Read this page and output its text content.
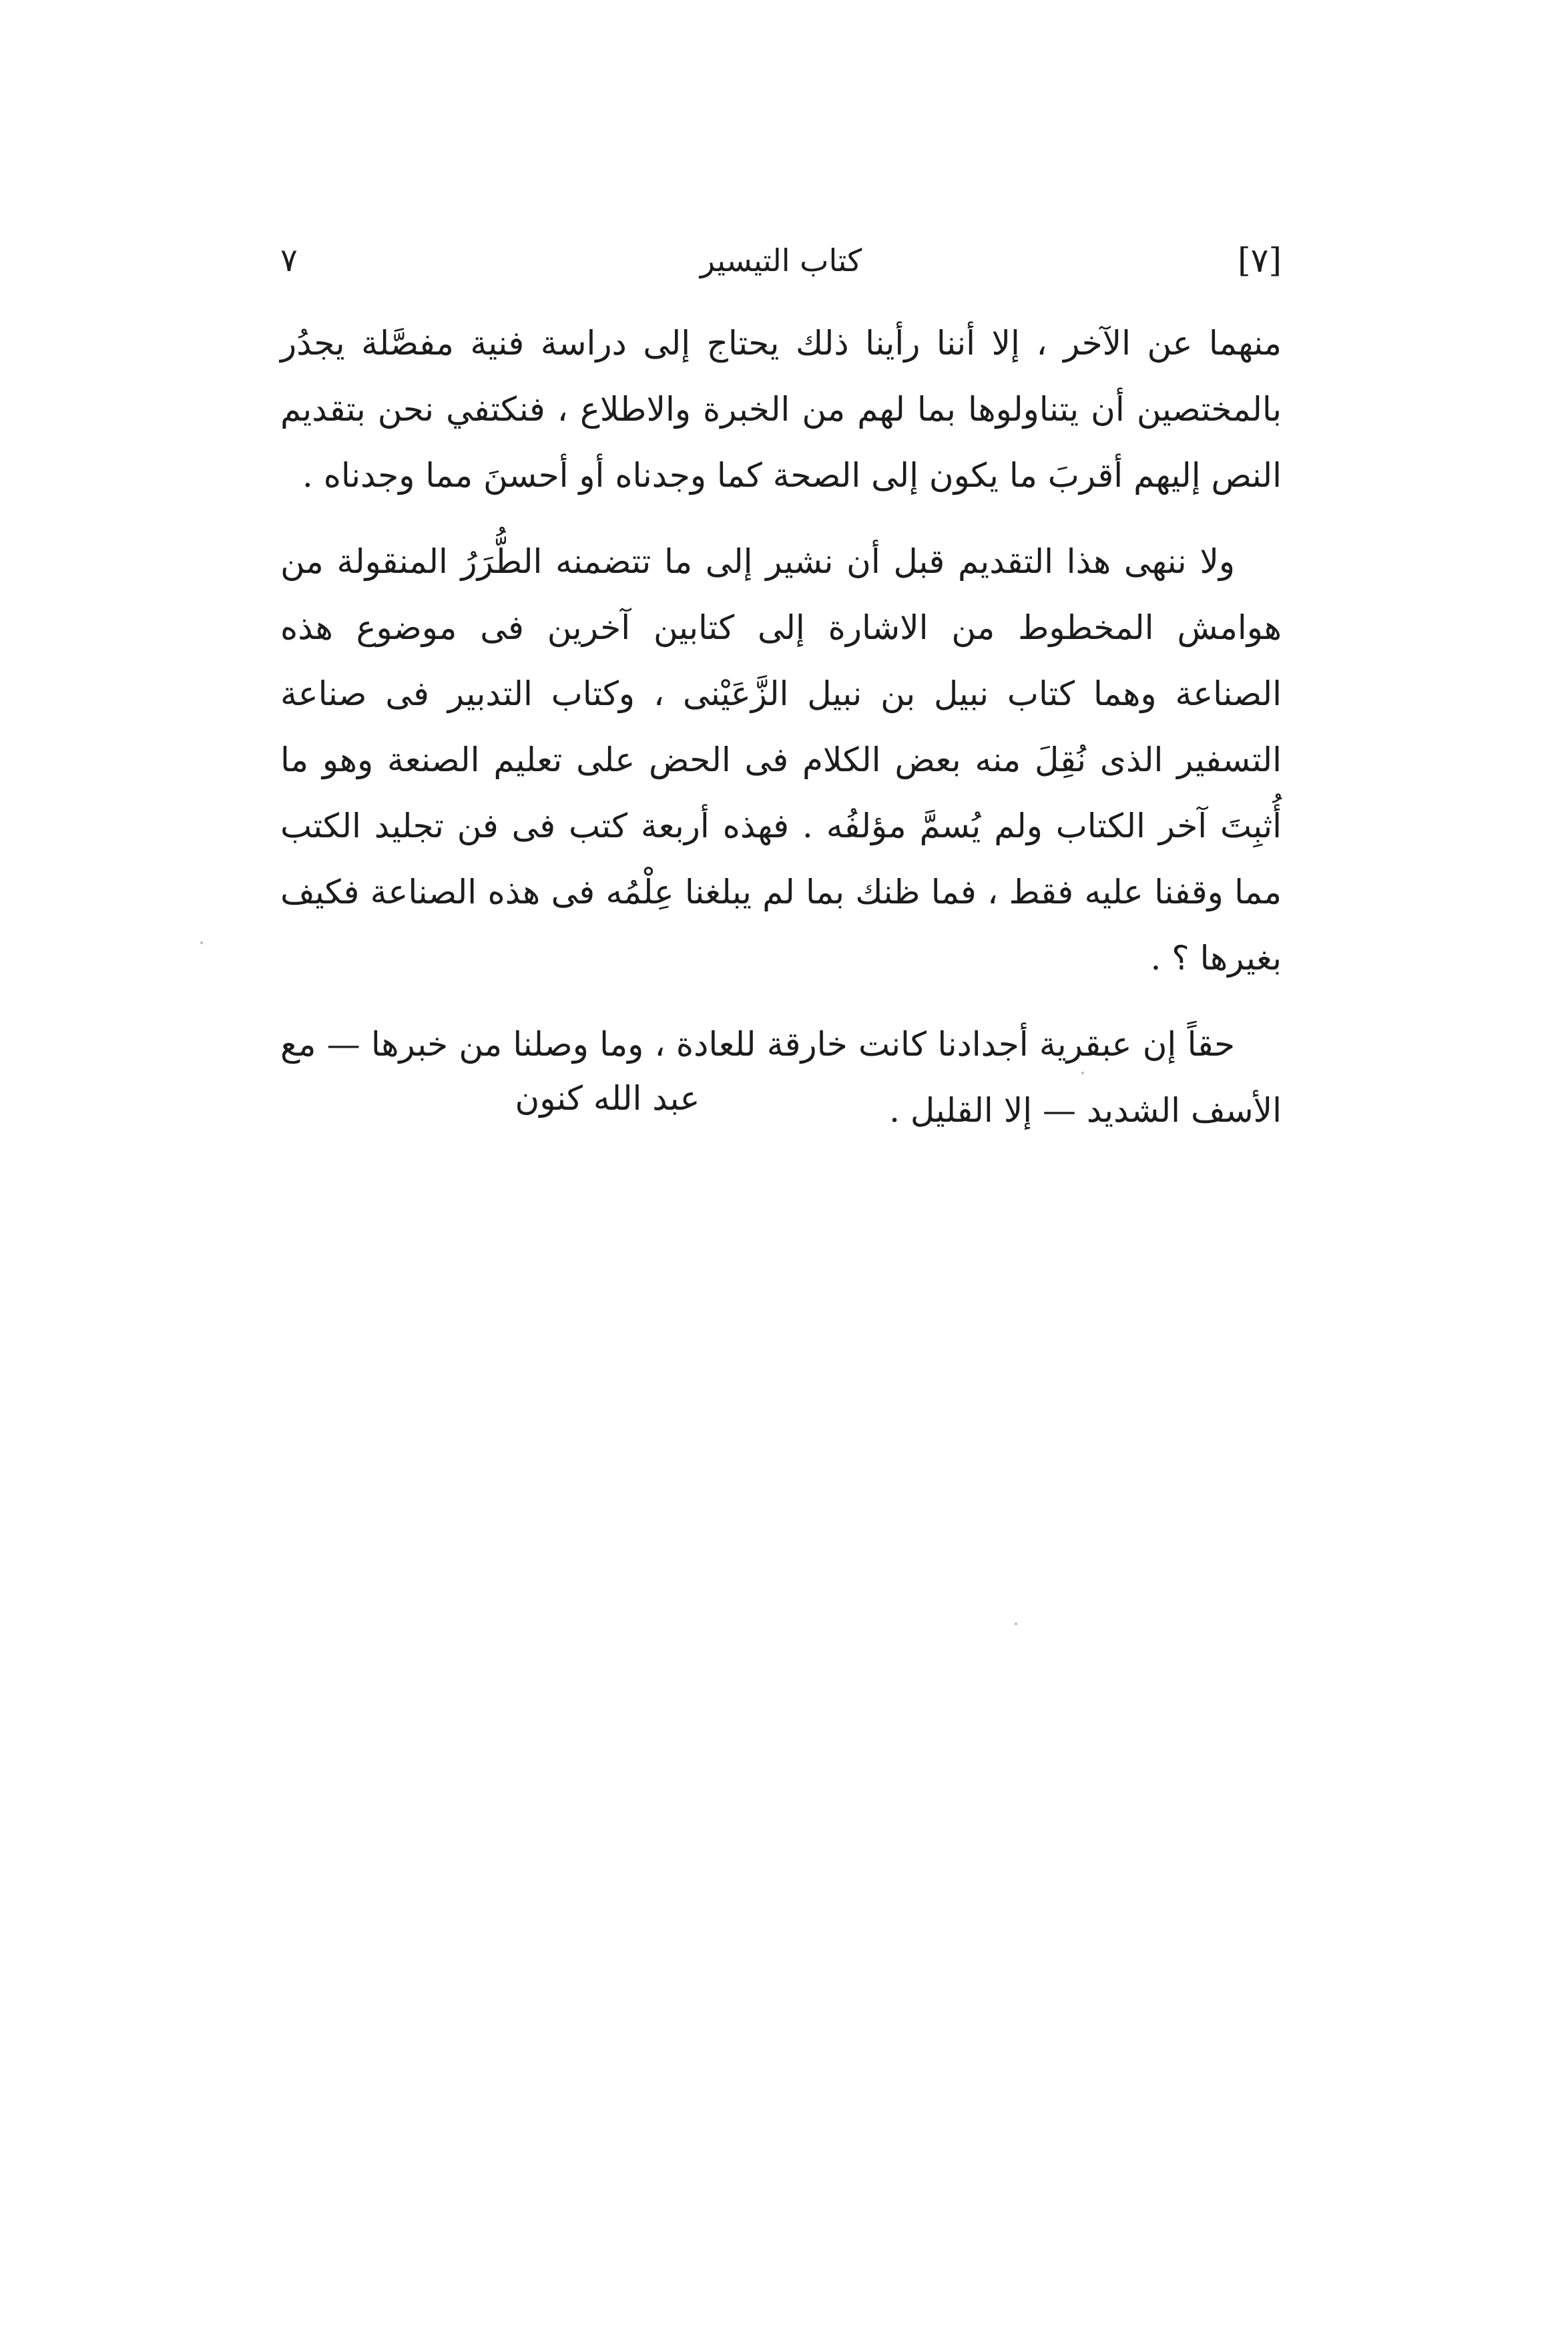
[٧]
كتاب التيسير
٧

منهما عن الآخر ، إلا أننا رأينا ذلك يحتاج إلى دراسة فنية مفصَّلة يجدُر بالمختصين أن يتناولوها بما لهم من الخبرة والاطلاع ، فنكتفي نحن بتقديم النص إليهم أقربَ ما يكون إلى الصحة كما وجدناه أو أحسنَ مما وجدناه .

ولا ننهى هذا التقديم قبل أن نشير إلى ما تتضمنه الطُّرَرُ المنقولة من هوامش المخطوط من الاشارة إلى كتابين آخرين فى موضوع هذه الصناعة وهما كتاب نبيل بن نبيل الزَّعَيْنى ، وكتاب التدبير فى صناعة التسفير الذى نُقِلَ منه بعض الكلام فى الحض على تعليم الصنعة وهو ما أُثبِتَ آخر الكتاب ولم يُسمَّ مؤلفُه . فهذه أربعة كتب فى فن تجليد الكتب مما وقفنا عليه فقط ، فما ظنك بما لم يبلغنا عِلْمُه فى هذه الصناعة فكيف بغيرها ؟ .

حقاً إن عبقرية أجدادنا كانت خارقة للعادة ، وما وصلنا من خبرها — مع الأسف الشديد — إلا القليل .

عبد الله كنون
